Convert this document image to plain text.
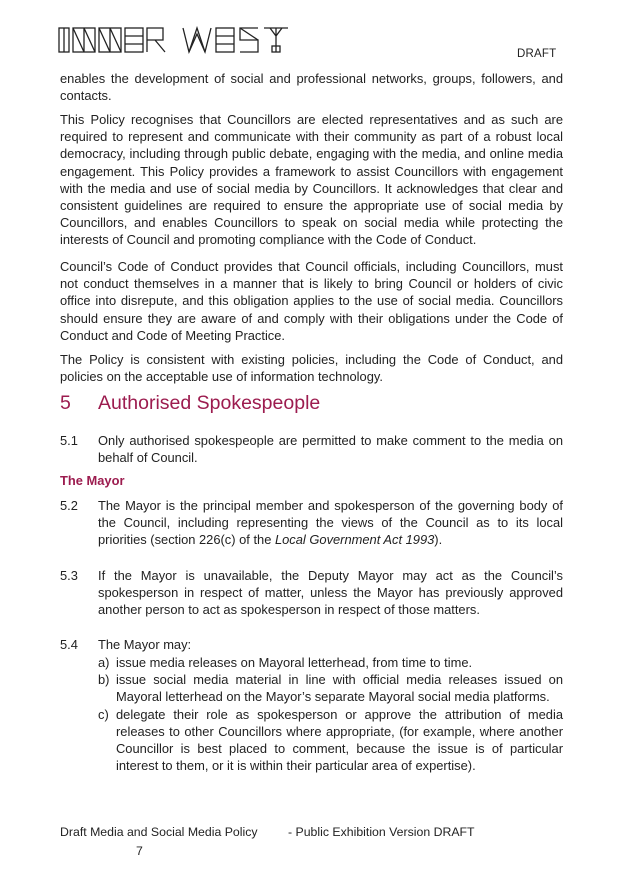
DRAFT

enables the development of social and professional networks, groups, followers, and contacts.

This Policy recognises that Councillors are elected representatives and as such are required to represent and communicate with their community as part of a robust local democracy, including through public debate, engaging with the media, and online media engagement. This Policy provides a framework to assist Councillors with engagement with the media and use of social media by Councillors. It acknowledges that clear and consistent guidelines are required to ensure the appropriate use of social media by Councillors, and enables Councillors to speak on social media while protecting the interests of Council and promoting compliance with the Code of Conduct.

Council’s Code of Conduct provides that Council officials, including Councillors, must not conduct themselves in a manner that is likely to bring Council or holders of civic office into disrepute, and this obligation applies to the use of social media. Councillors should ensure they are aware of and comply with their obligations under the Code of Conduct and Code of Meeting Practice.

The Policy is consistent with existing policies, including the Code of Conduct, and policies on the acceptable use of information technology.

5 Authorised Spokespeople
5.1 Only authorised spokespeople are permitted to make comment to the media on behalf of Council.
The Mayor
5.2 The Mayor is the principal member and spokesperson of the governing body of the Council, including representing the views of the Council as to its local priorities (section 226(c) of the Local Government Act 1993).
5.3 If the Mayor is unavailable, the Deputy Mayor may act as the Council’s spokesperson in respect of matter, unless the Mayor has previously approved another person to act as spokesperson in respect of those matters.
5.4 The Mayor may:
a) issue media releases on Mayoral letterhead, from time to time.
b) issue social media material in line with official media releases issued on Mayoral letterhead on the Mayor’s separate Mayoral social media platforms.
c) delegate their role as spokesperson or approve the attribution of media releases to other Councillors where appropriate, (for example, where another Councillor is best placed to comment, because the issue is of particular interest to them, or it is within their particular area of expertise).
Draft Media and Social Media Policy - Public Exhibition Version DRAFT
7
